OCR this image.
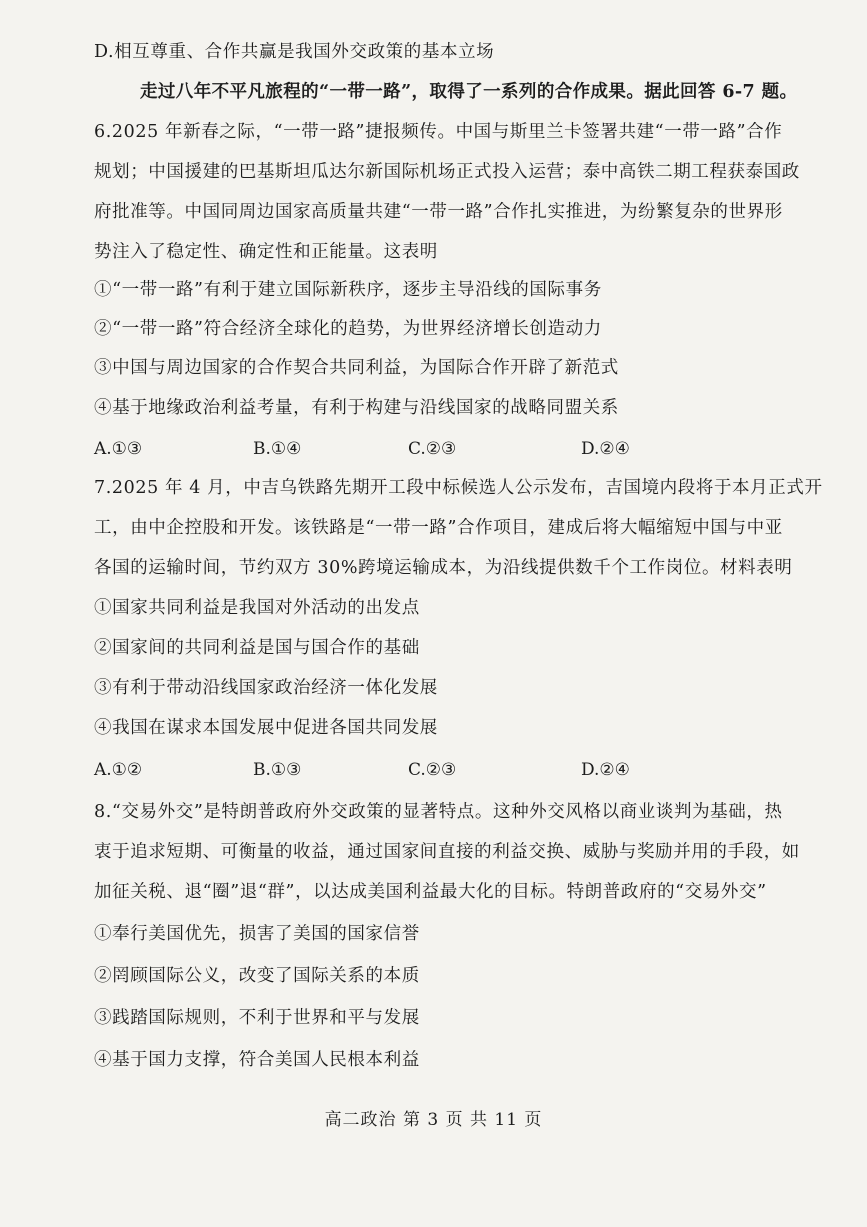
D.相互尊重、合作共赢是我国外交政策的基本立场
走过八年不平凡旅程的“一带一路”，取得了一系列的合作成果。据此回答 6-7 题。
6.2025 年新春之际，“一带一路”捷报频传。中国与斯里兰卡签署共建“一带一路”合作
规划；中国援建的巴基斯坦瓜达尔新国际机场正式投入运营；泰中高铁二期工程获泰国政
府批准等。中国同周边国家高质量共建“一带一路”合作扎实推进，为纷繁复杂的世界形
势注入了稳定性、确定性和正能量。这表明
①“一带一路”有利于建立国际新秩序，逐步主导沿线的国际事务
②“一带一路”符合经济全球化的趋势，为世界经济增长创造动力
③中国与周边国家的合作契合共同利益，为国际合作开辟了新范式
④基于地缘政治利益考量，有利于构建与沿线国家的战略同盟关系
A.①③	B.①④	C.②③	D.②④
7.2025 年 4 月，中吉乌铁路先期开工段中标候选人公示发布，吉国境内段将于本月正式开
工，由中企控股和开发。该铁路是“一带一路”合作项目，建成后将大幅缩短中国与中亚
各国的运输时间，节约双方 30%跨境运输成本，为沿线提供数千个工作岗位。材料表明
①国家共同利益是我国对外活动的出发点
②国家间的共同利益是国与国合作的基础
③有利于带动沿线国家政治经济一体化发展
④我国在谋求本国发展中促进各国共同发展
A.①②	B.①③	C.②③	D.②④
8.“交易外交”是特朗普政府外交政策的显著特点。这种外交风格以商业谈判为基础，热
衷于追求短期、可衡量的收益，通过国家间直接的利益交换、威胁与奖励并用的手段，如
加征关税、退“圈”退“群”，以达成美国利益最大化的目标。特朗普政府的“交易外交”
①奉行美国优先，损害了美国的国家信誉
②罔顾国际公义，改变了国际关系的本质
③践踏国际规则，不利于世界和平与发展
④基于国力支撑，符合美国人民根本利益
高二政治 第 3 页 共 11 页
